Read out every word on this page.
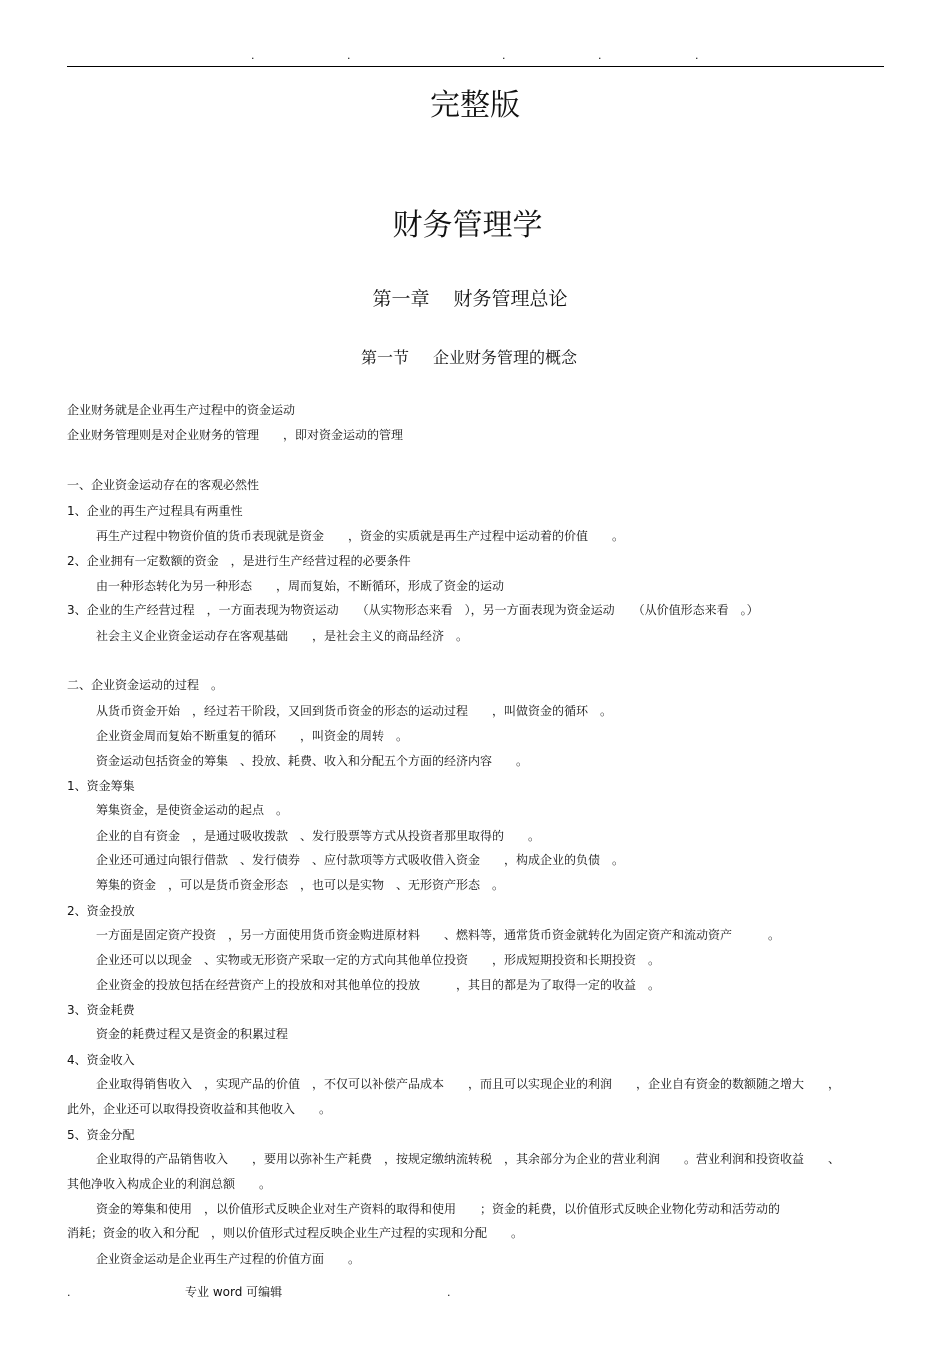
.	.	.	.	.
完整版
财务管理学
第一章 财务管理总论
第一节 企业财务管理的概念
企业财务就是企业再生产过程中的资金运动
企业财务管理则是对企业财务的管理　　，即对资金运动的管理
一、企业资金运动存在的客观必然性
1、企业的再生产过程具有两重性
再生产过程中物资价值的货币表现就是资金　　，资金的实质就是再生产过程中运动着的价值　　。
2、企业拥有一定数额的资金　，是进行生产经营过程的必要条件
由一种形态转化为另一种形态　　，周而复始，不断循环，形成了资金的运动
3、企业的生产经营过程　，一方面表现为物资运动　　（从实物形态来看　），另一方面表现为资金运动　　（从价值形态来看　。）
社会主义企业资金运动存在客观基础　　，是社会主义的商品经济　。
二、企业资金运动的过程　。
从货币资金开始　，经过若干阶段，又回到货币资金的形态的运动过程　　，叫做资金的循环　。
企业资金周而复始不断重复的循环　　，叫资金的周转　。
资金运动包括资金的筹集　、投放、耗费、收入和分配五个方面的经济内容　　。
1、资金筹集
筹集资金，是使资金运动的起点　。
企业的自有资金　，是通过吸收拨款　、发行股票等方式从投资者那里取得的　　。
企业还可通过向银行借款　、发行债券　、应付款项等方式吸收借入资金　　，构成企业的负债　。
筹集的资金　，可以是货币资金形态　，也可以是实物　、无形资产形态　。
2、资金投放
一方面是固定资产投资　，另一方面使用货币资金购进原材料　　、燃料等，通常货币资金就转化为固定资产和流动资产　　　。
企业还可以以现金　、实物或无形资产采取一定的方式向其他单位投资　　，形成短期投资和长期投资　。
企业资金的投放包括在经营资产上的投放和对其他单位的投放　　　，其目的都是为了取得一定的收益　。
3、资金耗费
资金的耗费过程又是资金的积累过程
4、资金收入
企业取得销售收入　，实现产品的价值　，不仅可以补偿产品成本　　，而且可以实现企业的利润　　，企业自有资金的数额随之增大　　，
此外，企业还可以取得投资收益和其他收入　　。
5、资金分配
企业取得的产品销售收入　　，要用以弥补生产耗费　，按规定缴纳流转税　，其余部分为企业的营业利润　　。营业利润和投资收益　　、
其他净收入构成企业的利润总额　　。
资金的筹集和使用　，以价值形式反映企业对生产资料的取得和使用　　；资金的耗费，以价值形式反映企业物化劳动和活劳动的
消耗；资金的收入和分配　，则以价值形式过程反映企业生产过程的实现和分配　　。
企业资金运动是企业再生产过程的价值方面　　。
.	专业 word 可编辑	.
